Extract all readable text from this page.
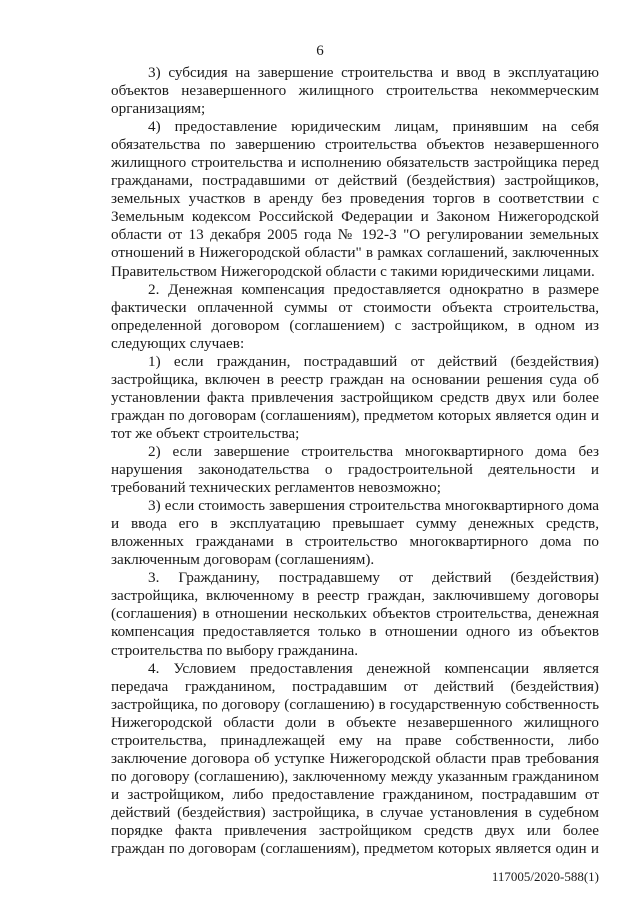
6
3) субсидия на завершение строительства и ввод в эксплуатацию
объектов незавершенного жилищного строительства некоммерческим
организациям;
4) предоставление юридическим лицам, принявшим на себя
обязательства по завершению строительства объектов незавершенного
жилищного строительства и исполнению обязательств застройщика перед
гражданами, пострадавшими от действий (бездействия) застройщиков,
земельных участков в аренду без проведения торгов в соответствии с
Земельным кодексом Российской Федерации и Законом Нижегородской
области от 13 декабря 2005 года № 192-З "О регулировании земельных
отношений в Нижегородской области" в рамках соглашений, заключенных
Правительством Нижегородской области с такими юридическими лицами.
2. Денежная компенсация предоставляется однократно в размере
фактически оплаченной суммы от стоимости объекта строительства,
определенной договором (соглашением) с застройщиком, в одном из
следующих случаев:
1) если гражданин, пострадавший от действий (бездействия)
застройщика, включен в реестр граждан на основании решения суда об
установлении факта привлечения застройщиком средств двух или более
граждан по договорам (соглашениям), предметом которых является один и
тот же объект строительства;
2) если завершение строительства многоквартирного дома без
нарушения законодательства о градостроительной деятельности и
требований технических регламентов невозможно;
3) если стоимость завершения строительства многоквартирного дома
и ввода его в эксплуатацию превышает сумму денежных средств,
вложенных гражданами в строительство многоквартирного дома по
заключенным договорам (соглашениям).
3. Гражданину, пострадавшему от действий (бездействия)
застройщика, включенному в реестр граждан, заключившему договоры
(соглашения) в отношении нескольких объектов строительства, денежная
компенсация предоставляется только в отношении одного из объектов
строительства по выбору гражданина.
4. Условием предоставления денежной компенсации является
передача гражданином, пострадавшим от действий (бездействия)
застройщика, по договору (соглашению) в государственную собственность
Нижегородской области доли в объекте незавершенного жилищного
строительства, принадлежащей ему на праве собственности, либо
заключение договора об уступке Нижегородской области прав требования
по договору (соглашению), заключенному между указанным гражданином
и застройщиком, либо предоставление гражданином, пострадавшим от
действий (бездействия) застройщика, в случае установления в судебном
порядке факта привлечения застройщиком средств двух или более
граждан по договорам (соглашениям), предметом которых является один и
117005/2020-588(1)
